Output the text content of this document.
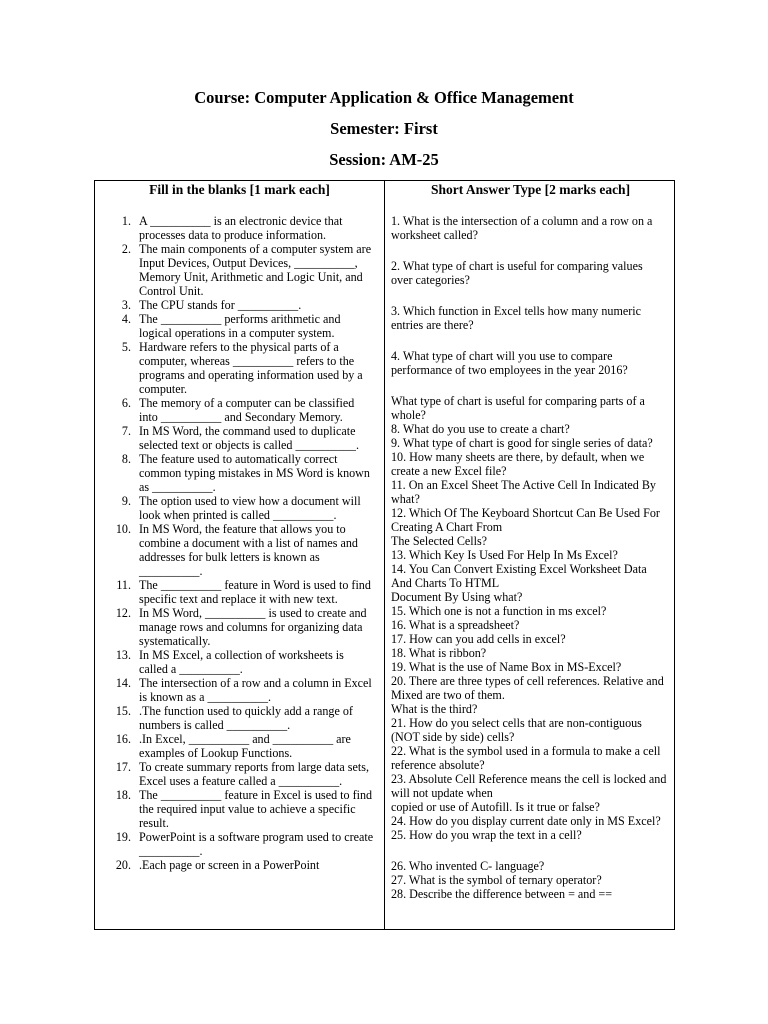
Course: Computer Application & Office Management
Semester: First
Session: AM-25
Fill in the blanks [1 mark each]	Short Answer Type [2 marks each]
1. A __________ is an electronic device that processes data to produce information.
2. The main components of a computer system are Input Devices, Output Devices, __________, Memory Unit, Arithmetic and Logic Unit, and Control Unit.
3. The CPU stands for __________.
4. The __________ performs arithmetic and logical operations in a computer system.
5. Hardware refers to the physical parts of a computer, whereas __________ refers to the programs and operating information used by a computer.
6. The memory of a computer can be classified into __________ and Secondary Memory.
7. In MS Word, the command used to duplicate selected text or objects is called __________.
8. The feature used to automatically correct common typing mistakes in MS Word is known as __________.
9. The option used to view how a document will look when printed is called __________.
10. In MS Word, the feature that allows you to combine a document with a list of names and addresses for bulk letters is known as __________.
11. The __________ feature in Word is used to find specific text and replace it with new text.
12. In MS Word, __________ is used to create and manage rows and columns for organizing data systematically.
13. In MS Excel, a collection of worksheets is called a __________.
14. The intersection of a row and a column in Excel is known as a __________.
15. .The function used to quickly add a range of numbers is called __________.
16. .In Excel, __________ and __________ are examples of Lookup Functions.
17. To create summary reports from large data sets, Excel uses a feature called a __________.
18. The __________ feature in Excel is used to find the required input value to achieve a specific result.
19. PowerPoint is a software program used to create __________.
20. .Each page or screen in a PowerPoint
1. What is the intersection of a column and a row on a worksheet called?
2. What type of chart is useful for comparing values over categories?
3. Which function in Excel tells how many numeric entries are there?
4. What type of chart will you use to compare performance of two employees in the year 2016?
What type of chart is useful for comparing parts of a whole?
8. What do you use to create a chart?
9. What type of chart is good for single series of data?
10. How many sheets are there, by default, when we create a new Excel file?
11. On an Excel Sheet The Active Cell In Indicated By what?
12. Which Of The Keyboard Shortcut Can Be Used For Creating A Chart From
The Selected Cells?
13. Which Key Is Used For Help In Ms Excel?
14. You Can Convert Existing Excel Worksheet Data And Charts To HTML
Document By Using what?
15. Which one is not a function in ms excel?
16. What is a spreadsheet?
17. How can you add cells in excel?
18. What is ribbon?
19. What is the use of Name Box in MS-Excel?
20. There are three types of cell references. Relative and Mixed are two of them.
What is the third?
21. How do you select cells that are non-contiguous (NOT side by side) cells?
22. What is the symbol used in a formula to make a cell reference absolute?
23. Absolute Cell Reference means the cell is locked and will not update when
copied or use of Autofill. Is it true or false?
24. How do you display current date only in MS Excel?
25. How do you wrap the text in a cell?
26. Who invented C- language?
27. What is the symbol of ternary operator?
28. Describe the difference between = and ==
